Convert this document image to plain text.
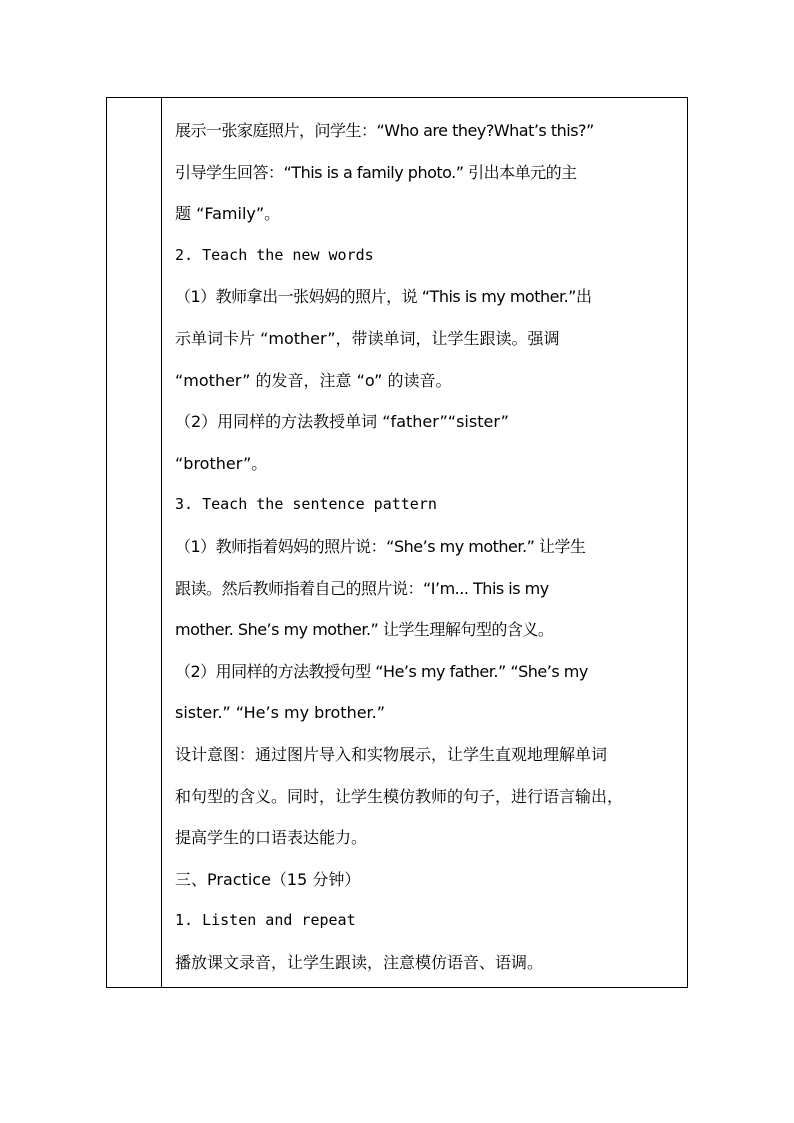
展示一张家庭照片，问学生：“Who are they?What’s this?”
引导学生回答：“This is a family photo.” 引出本单元的主
题 “Family”。
2. Teach the new words
（1）教师拿出一张妈妈的照片，说 “This is my mother.”出
示单词卡片 “mother”，带读单词，让学生跟读。强调
“mother” 的发音，注意 “o” 的读音。
（2）用同样的方法教授单词 “father”“sister”
“brother”。
3. Teach the sentence pattern
（1）教师指着妈妈的照片说：“She’s my mother.” 让学生
跟读。然后教师指着自己的照片说：“I’m... This is my
mother. She’s my mother.” 让学生理解句型的含义。
（2）用同样的方法教授句型 “He’s my father.” “She’s my
sister.” “He’s my brother.”
设计意图：通过图片导入和实物展示，让学生直观地理解单词
和句型的含义。同时，让学生模仿教师的句子，进行语言输出，
提高学生的口语表达能力。
三、Practice（15 分钟）
1. Listen and repeat
播放课文录音，让学生跟读，注意模仿语音、语调。
